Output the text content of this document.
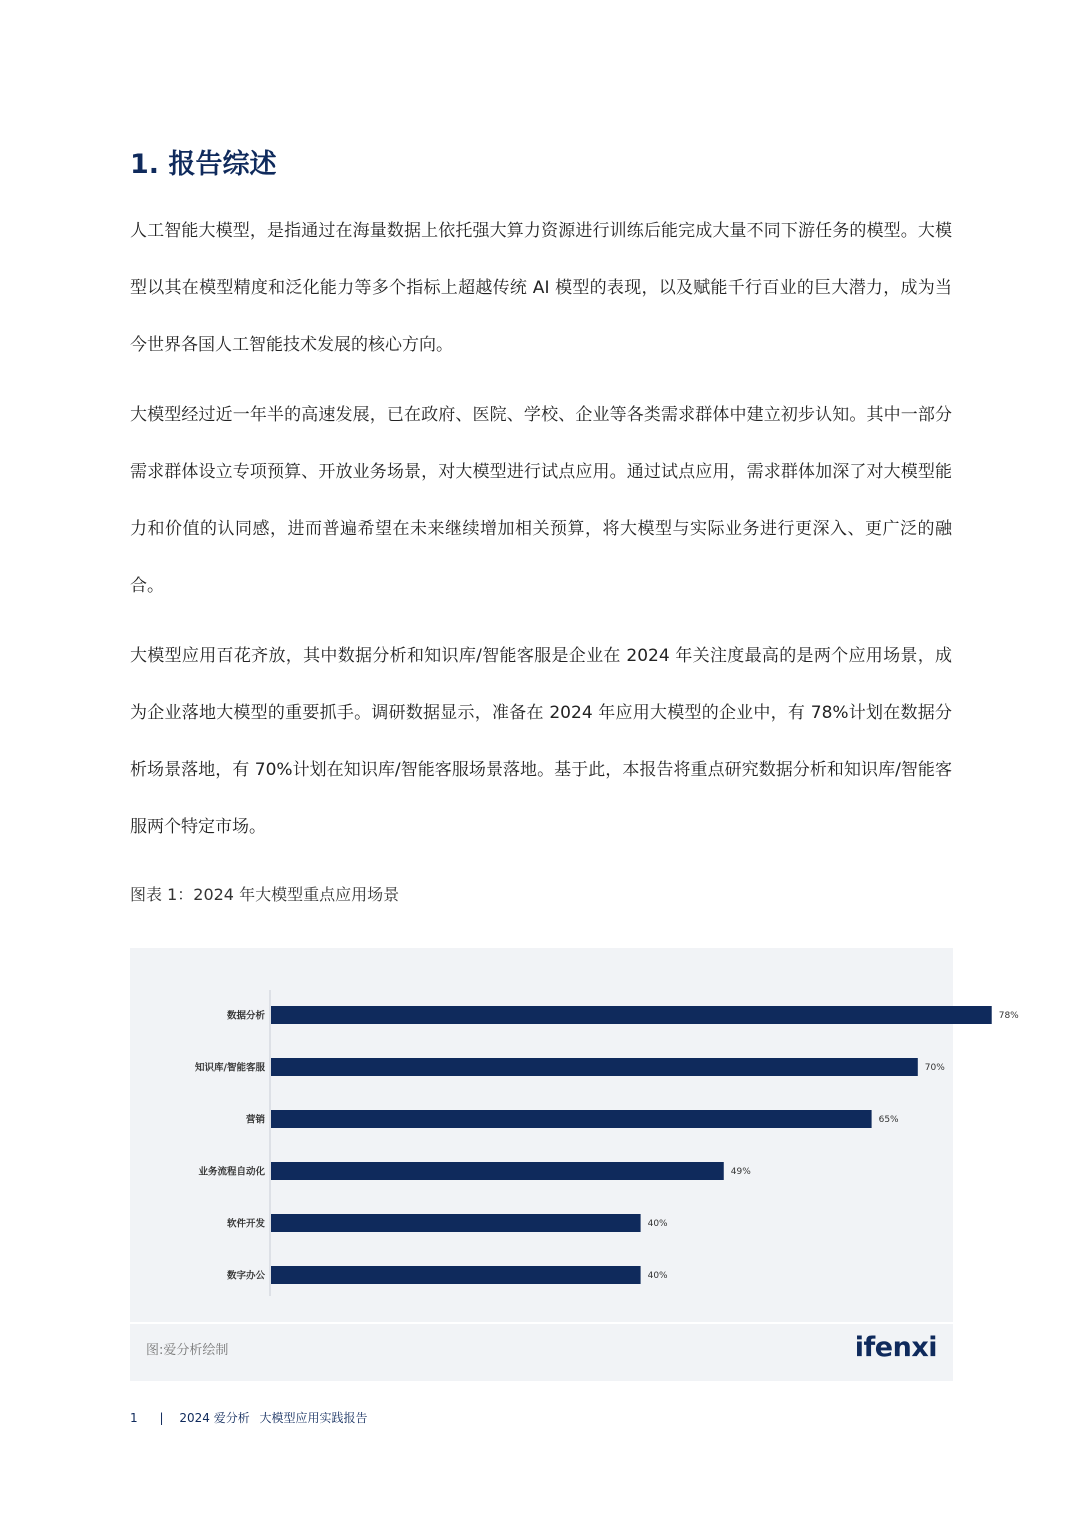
1. 报告综述

人工智能大模型，是指通过在海量数据上依托强大算力资源进行训练后能完成大量不同下游任务的模型。大模型以其在模型精度和泛化能力等多个指标上超越传统 AI 模型的表现，以及赋能千行百业的巨大潜力，成为当今世界各国人工智能技术发展的核心方向。

大模型经过近一年半的高速发展，已在政府、医院、学校、企业等各类需求群体中建立初步认知。其中一部分需求群体设立专项预算、开放业务场景，对大模型进行试点应用。通过试点应用，需求群体加深了对大模型能力和价值的认同感，进而普遍希望在未来继续增加相关预算，将大模型与实际业务进行更深入、更广泛的融合。

大模型应用百花齐放，其中数据分析和知识库/智能客服是企业在 2024 年关注度最高的是两个应用场景，成为企业落地大模型的重要抓手。调研数据显示，准备在 2024 年应用大模型的企业中，有 78%计划在数据分析场景落地，有 70%计划在知识库/智能客服场景落地。基于此，本报告将重点研究数据分析和知识库/智能客服两个特定市场。

图表 1：2024 年大模型重点应用场景

数据分析	78%
知识库/智能客服	70%
营销	65%
业务流程自动化	49%
软件开发	40%
数字办公	40%
图:爱分析绘制	ifenxi
1 | 2024 爱分析 大模型应用实践报告
